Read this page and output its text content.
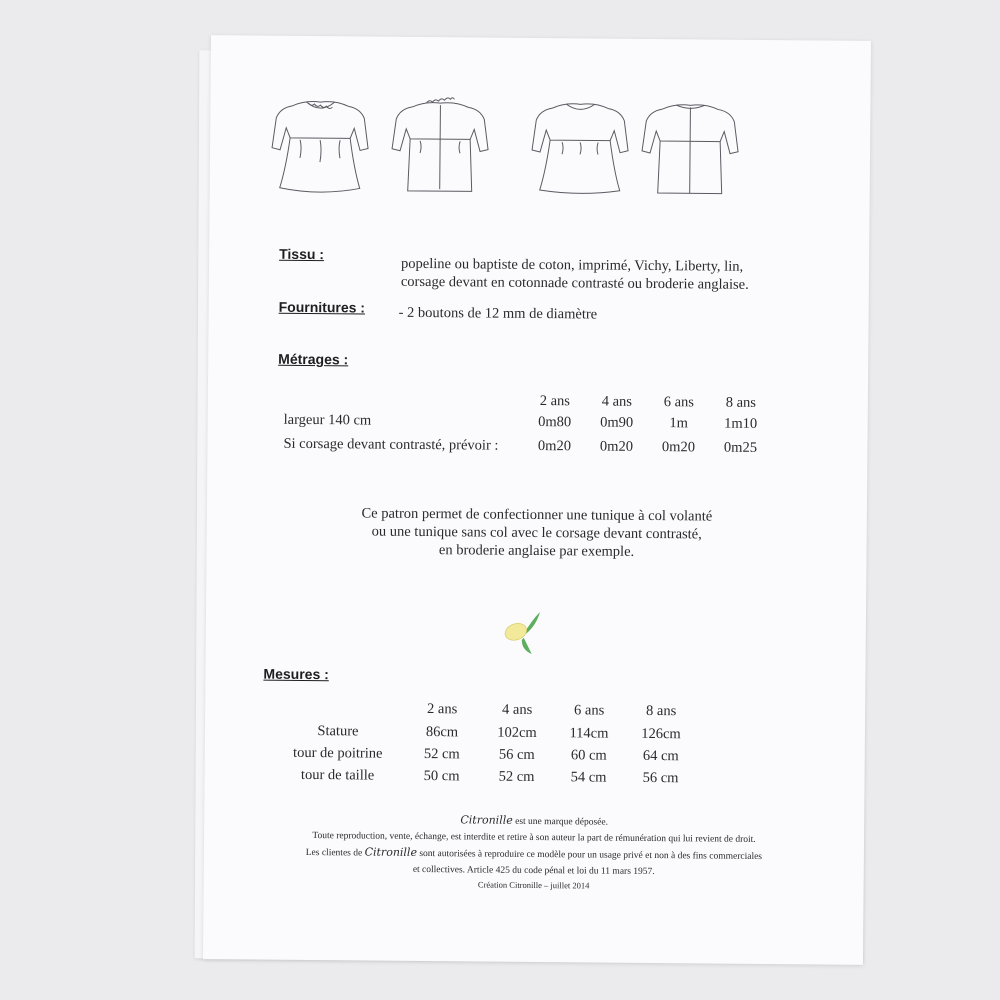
Tissu :
popeline ou baptiste de coton, imprimé, Vichy, Liberty, lin,
corsage devant en cotonnade contrasté ou broderie anglaise.
Fournitures : - 2 boutons de 12 mm de diamètre
Métrages :
	2 ans	4 ans	6 ans	8 ans
largeur 140 cm	0m80	0m90	1m	1m10
Si corsage devant contrasté, prévoir :	0m20	0m20	0m20	0m25
Ce patron permet de confectionner une tunique à col volanté
ou une tunique sans col avec le corsage devant contrasté,
en broderie anglaise par exemple.
Mesures :
	2 ans	4 ans	6 ans	8 ans
Stature	86cm	102cm	114cm	126cm
tour de poitrine	52 cm	56 cm	60 cm	64 cm
tour de taille	50 cm	52 cm	54 cm	56 cm
Citronille est une marque déposée.
Toute reproduction, vente, échange, est interdite et retire à son auteur la part de rémunération qui lui revient de droit.
Les clientes de Citronille sont autorisées à reproduire ce modèle pour un usage privé et non à des fins commerciales
et collectives. Article 425 du code pénal et loi du 11 mars 1957.
Création Citronille – juillet 2014
